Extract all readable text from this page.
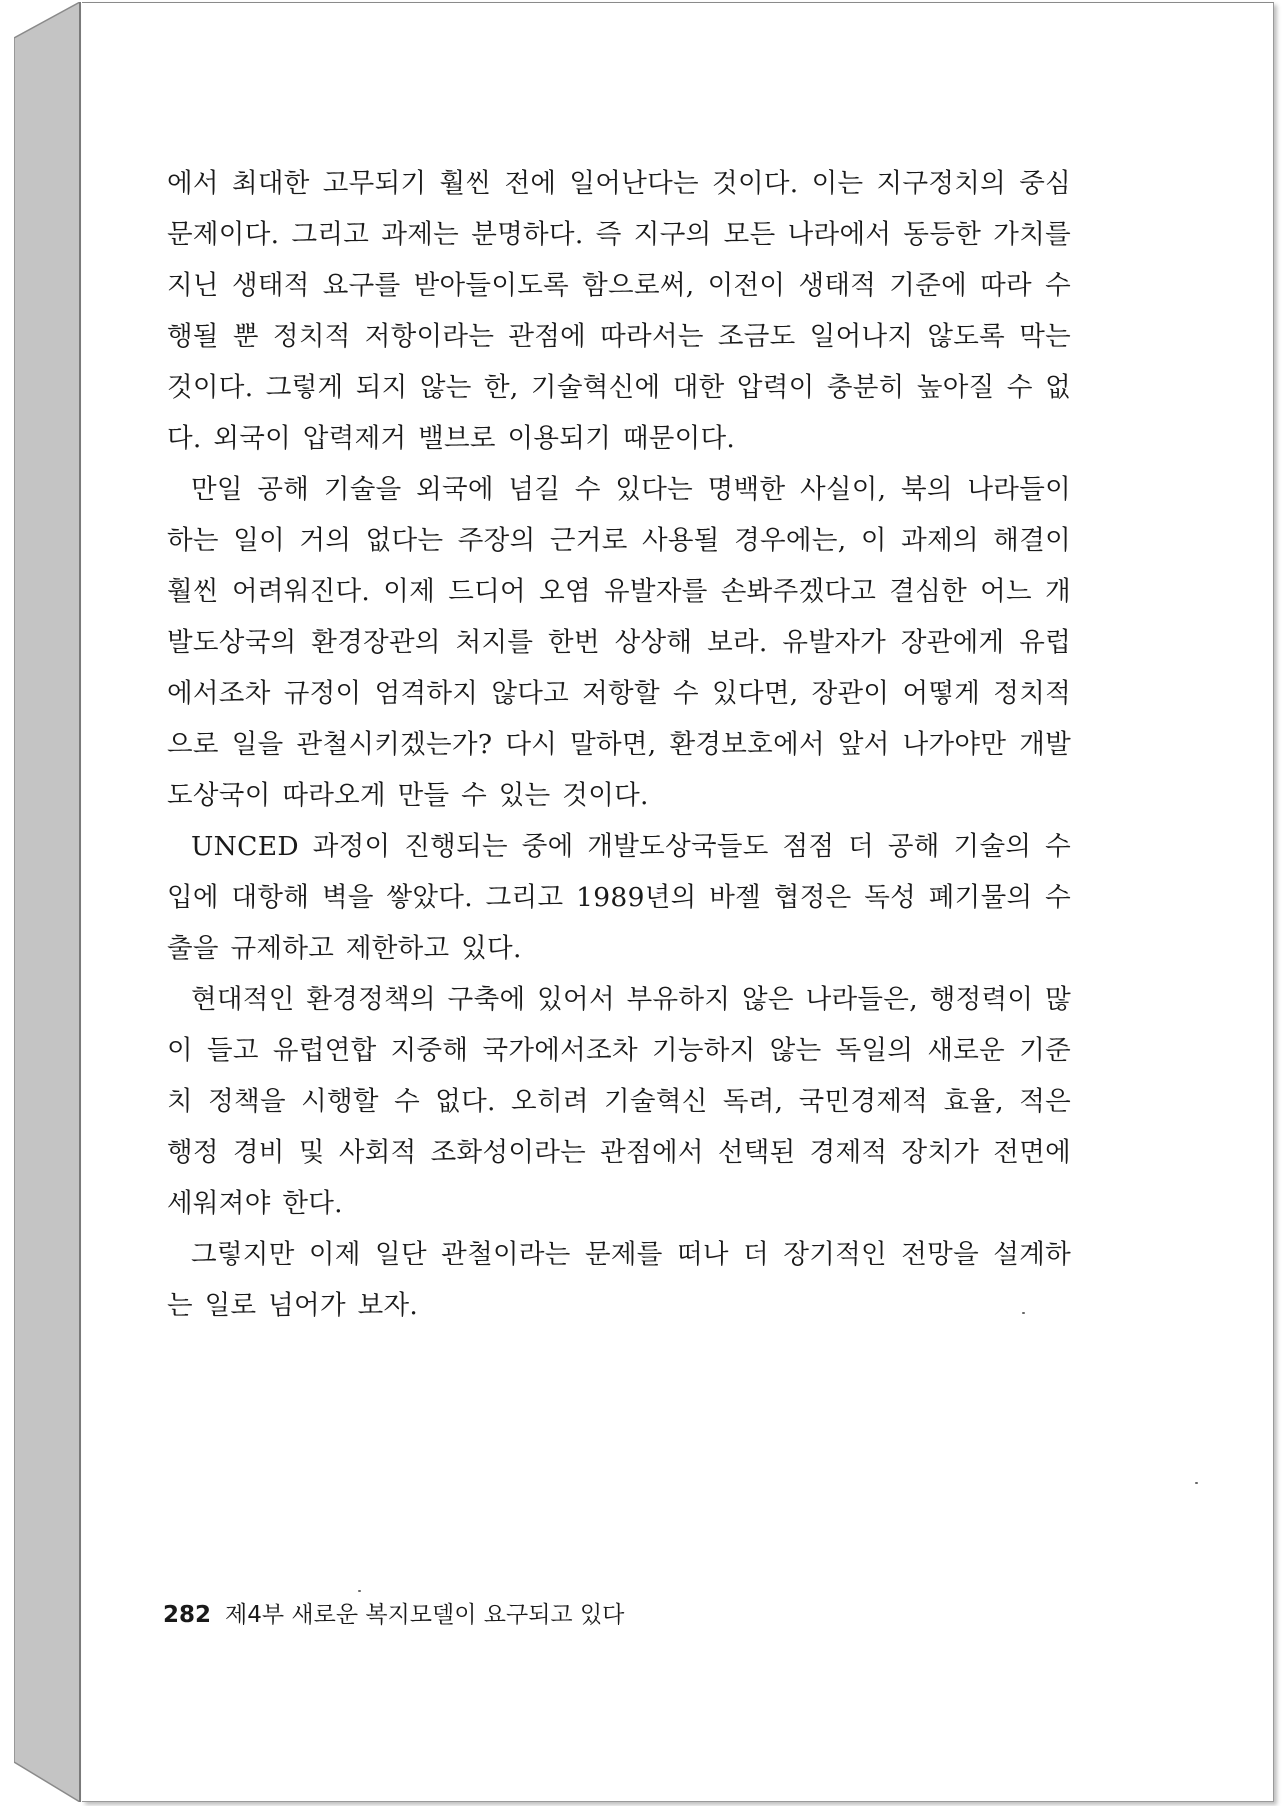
에서 최대한 고무되기 훨씬 전에 일어난다는 것이다. 이는 지구정치의 중심 문제이다. 그리고 과제는 분명하다. 즉 지구의 모든 나라에서 동등한 가치를 지닌 생태적 요구를 받아들이도록 함으로써, 이전이 생태적 기준에 따라 수행될 뿐 정치적 저항이라는 관점에 따라서는 조금도 일어나지 않도록 막는 것이다. 그렇게 되지 않는 한, 기술혁신에 대한 압력이 충분히 높아질 수 없다. 외국이 압력제거 밸브로 이용되기 때문이다.

만일 공해 기술을 외국에 넘길 수 있다는 명백한 사실이, 북의 나라들이 하는 일이 거의 없다는 주장의 근거로 사용될 경우에는, 이 과제의 해결이 훨씬 어려워진다. 이제 드디어 오염 유발자를 손봐주겠다고 결심한 어느 개발도상국의 환경장관의 처지를 한번 상상해 보라. 유발자가 장관에게 유럽에서조차 규정이 엄격하지 않다고 저항할 수 있다면, 장관이 어떻게 정치적으로 일을 관철시키겠는가? 다시 말하면, 환경보호에서 앞서 나가야만 개발도상국이 따라오게 만들 수 있는 것이다.

UNCED 과정이 진행되는 중에 개발도상국들도 점점 더 공해 기술의 수입에 대항해 벽을 쌓았다. 그리고 1989년의 바젤 협정은 독성 폐기물의 수출을 규제하고 제한하고 있다.

현대적인 환경정책의 구축에 있어서 부유하지 않은 나라들은, 행정력이 많이 들고 유럽연합 지중해 국가에서조차 기능하지 않는 독일의 새로운 기준치 정책을 시행할 수 없다. 오히려 기술혁신 독려, 국민경제적 효율, 적은 행정 경비 및 사회적 조화성이라는 관점에서 선택된 경제적 장치가 전면에 세워져야 한다.

그렇지만 이제 일단 관철이라는 문제를 떠나 더 장기적인 전망을 설계하는 일로 넘어가 보자.

282 제4부 새로운 복지모델이 요구되고 있다
